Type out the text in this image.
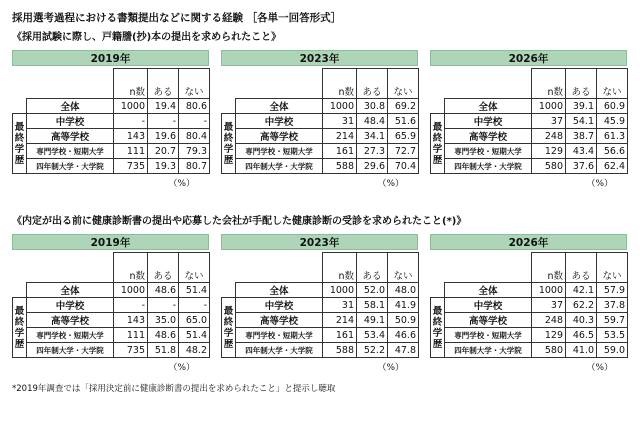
採用選考過程における書類提出などに関する経験 ［各単一回答形式］
《採用試験に際し、戸籍謄(抄)本の提出を求められたこと》
《内定が出る前に健康診断書の提出や応募した会社が手配した健康診断の受診を求められたこと(*)》
2019年
		n数	ある	ない
	全体	1000	19.4	80.6
最終学歴	中学校	-	-	-
	高等学校	143	19.6	80.4
	専門学校・短期大学	111	20.7	79.3
	四年制大学・大学院	735	19.3	80.7
（%）
2023年
		n数	ある	ない
	全体	1000	30.8	69.2
最終学歴	中学校	31	48.4	51.6
	高等学校	214	34.1	65.9
	専門学校・短期大学	161	27.3	72.7
	四年制大学・大学院	588	29.6	70.4
（%）
2026年
		n数	ある	ない
	全体	1000	39.1	60.9
最終学歴	中学校	37	54.1	45.9
	高等学校	248	38.7	61.3
	専門学校・短期大学	129	43.4	56.6
	四年制大学・大学院	580	37.6	62.4
（%）
2019年
		n数	ある	ない
	全体	1000	48.6	51.4
最終学歴	中学校	-	-	-
	高等学校	143	35.0	65.0
	専門学校・短期大学	111	48.6	51.4
	四年制大学・大学院	735	51.8	48.2
（%）
2023年
		n数	ある	ない
	全体	1000	52.0	48.0
最終学歴	中学校	31	58.1	41.9
	高等学校	214	49.1	50.9
	専門学校・短期大学	161	53.4	46.6
	四年制大学・大学院	588	52.2	47.8
（%）
2026年
		n数	ある	ない
	全体	1000	42.1	57.9
最終学歴	中学校	37	62.2	37.8
	高等学校	248	40.3	59.7
	専門学校・短期大学	129	46.5	53.5
	四年制大学・大学院	580	41.0	59.0
（%）
*2019年調査では「採用決定前に健康診断書の提出を求められたこと」と提示し聴取
